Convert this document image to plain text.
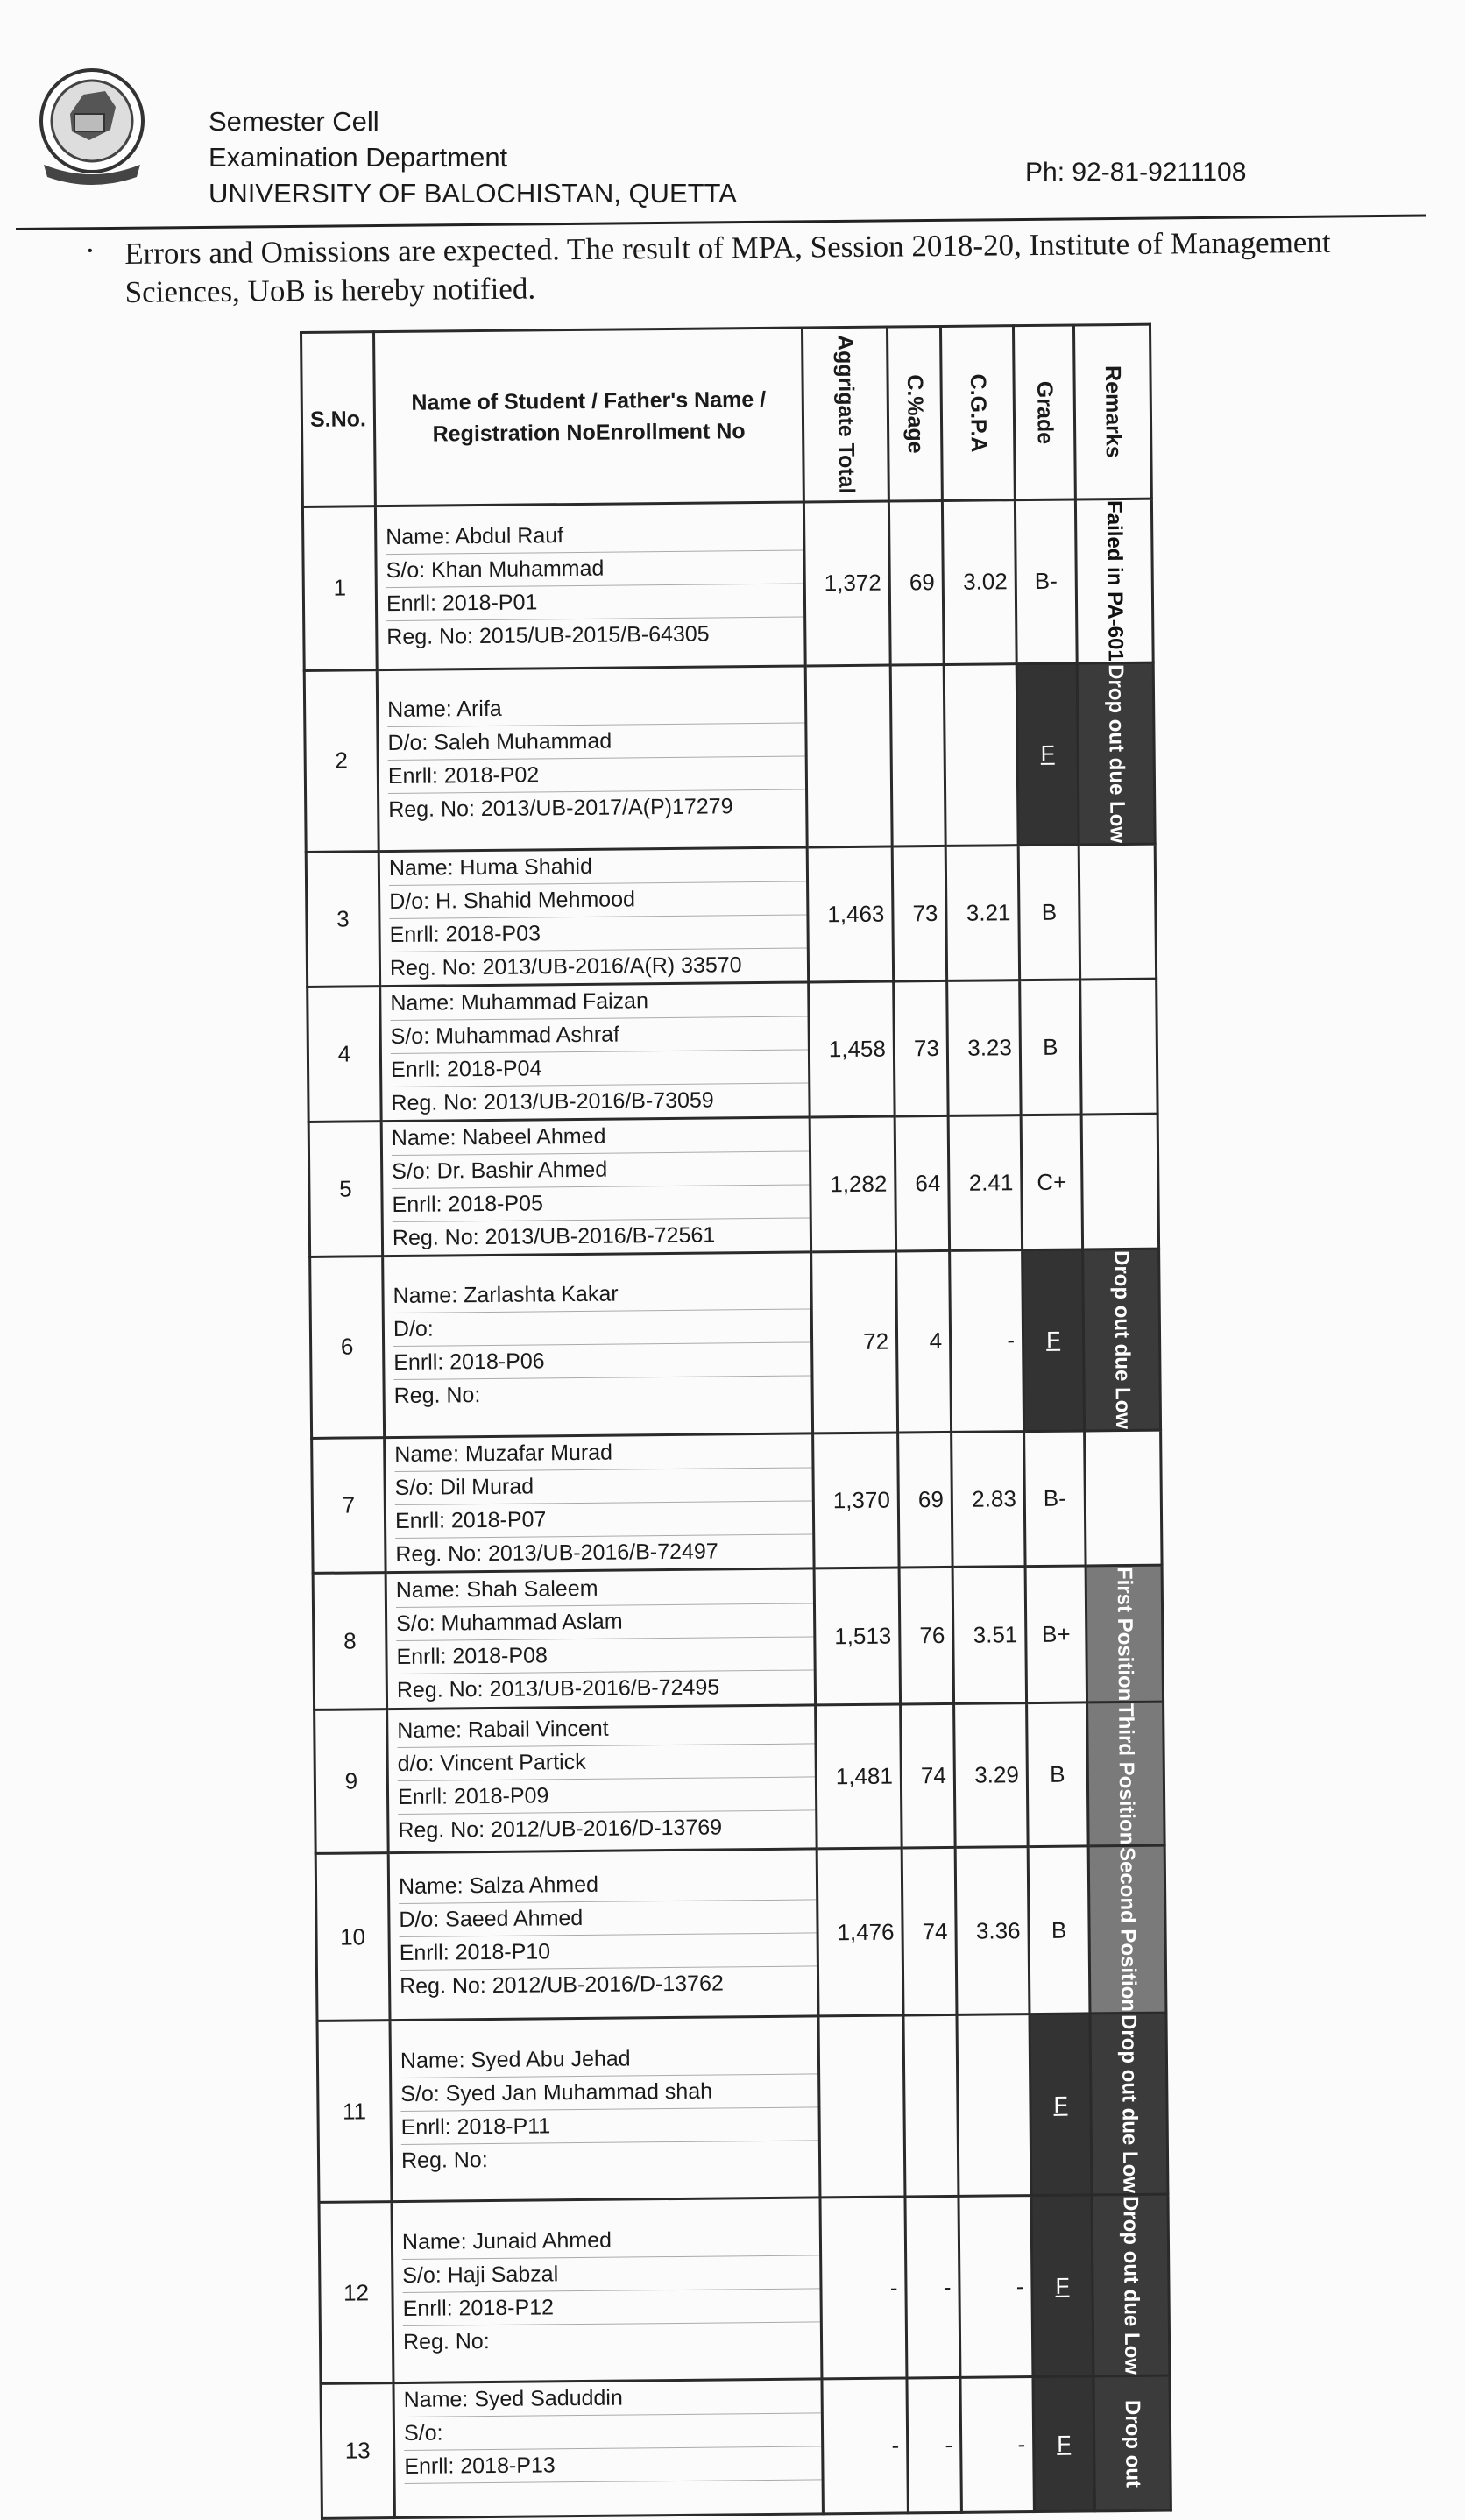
Semester Cell
Examination Department
UNIVERSITY OF BALOCHISTAN, QUETTA
Ph: 92-81-9211108
• Errors and Omissions are expected. The result of MPA, Session 2018-20, Institute of Management Sciences, UoB is hereby notified.
S.No.	Name of Student / Father's Name / Registration NoEnrollment No	Aggrigate Total	C.%age	C.G.P.A	Grade	Remarks

1	Name: Abdul Rauf
S/o: Khan Muhammad
Enrll: 2018-P01
Reg. No: 2015/UB-2015/B-64305	1,372	69	3.02	B-	Failed in PA-601

2	Name: Arifa
D/o: Saleh Muhammad
Enrll: 2018-P02
Reg. No: 2013/UB-2017/A(P)17279				F	Drop out due Low

3	Name: Huma Shahid
D/o: H. Shahid Mehmood
Enrll: 2018-P03
Reg. No: 2013/UB-2016/A(R) 33570	1,463	73	3.21	B	

4	Name: Muhammad Faizan
S/o: Muhammad Ashraf
Enrll: 2018-P04
Reg. No: 2013/UB-2016/B-73059	1,458	73	3.23	B	

5	Name: Nabeel Ahmed
S/o: Dr. Bashir Ahmed
Enrll: 2018-P05
Reg. No: 2013/UB-2016/B-72561	1,282	64	2.41	C+	

6	Name: Zarlashta Kakar
D/o:
Enrll: 2018-P06
Reg. No:	72	4	-	F	Drop out due Low

7	Name: Muzafar Murad
S/o: Dil Murad
Enrll: 2018-P07
Reg. No: 2013/UB-2016/B-72497	1,370	69	2.83	B-	

8	Name: Shah Saleem
S/o: Muhammad Aslam
Enrll: 2018-P08
Reg. No: 2013/UB-2016/B-72495	1,513	76	3.51	B+	First Position

9	Name: Rabail Vincent
d/o: Vincent Partick
Enrll: 2018-P09
Reg. No: 2012/UB-2016/D-13769	1,481	74	3.29	B	Third Position

10	Name: Salza Ahmed
D/o: Saeed Ahmed
Enrll: 2018-P10
Reg. No: 2012/UB-2016/D-13762	1,476	74	3.36	B	Second Position

11	Name: Syed Abu Jehad
S/o: Syed Jan Muhammad shah
Enrll: 2018-P11
Reg. No:				F	Drop out due Low

12	Name: Junaid Ahmed
S/o: Haji Sabzal
Enrll: 2018-P12
Reg. No:	-	-	-	F	Drop out due Low

13	Name: Syed Saduddin
S/o:
Enrll: 2018-P13	-	-	-	F	Drop out
